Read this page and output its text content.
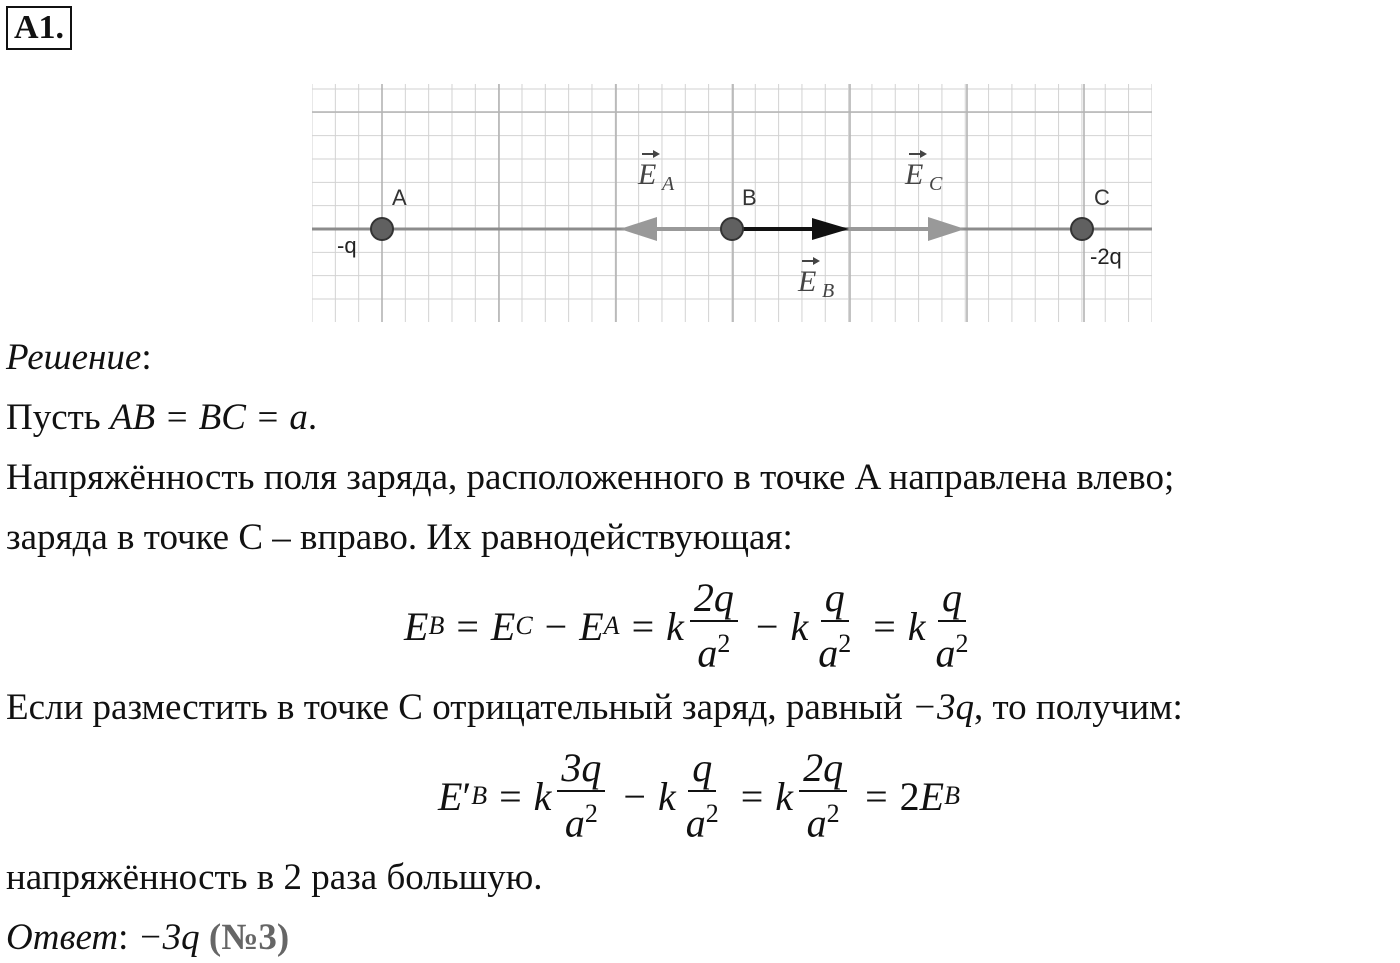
A1.
A	B	C
-q	-2q
E A	E C
E B
Решение:
Пусть AB = BC = a.
Напряжённость поля заряда, расположенного в точке A направлена влево;
заряда в точке C – вправо. Их равнодействующая:
E B = E C − E A = k $\frac{2q}{a^2} - k \frac{q}{a^2} = k \frac{q}{a^2}$
Если разместить в точке C отрицательный заряд, равный −3q, то получим:
E ′ B = k $\frac{3q}{a^2} - k \frac{q}{a^2} = k \frac{2q}{a^2} = 2$ E B
напряжённость в 2 раза большую.
Ответ: −3q (№3)
